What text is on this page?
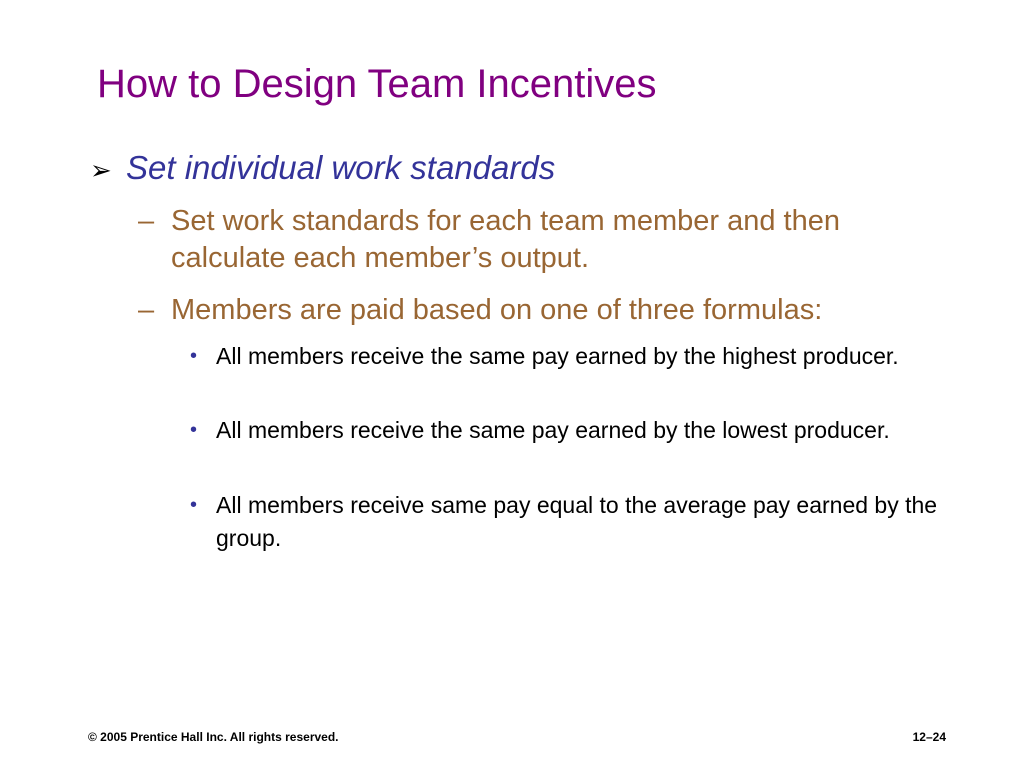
How to Design Team Incentives
➢ Set individual work standards
– Set work standards for each team member and then calculate each member’s output.
– Members are paid based on one of three formulas:
• All members receive the same pay earned by the highest producer.
• All members receive the same pay earned by the lowest producer.
• All members receive same pay equal to the average pay earned by the group.
© 2005 Prentice Hall Inc. All rights reserved.	12–24
